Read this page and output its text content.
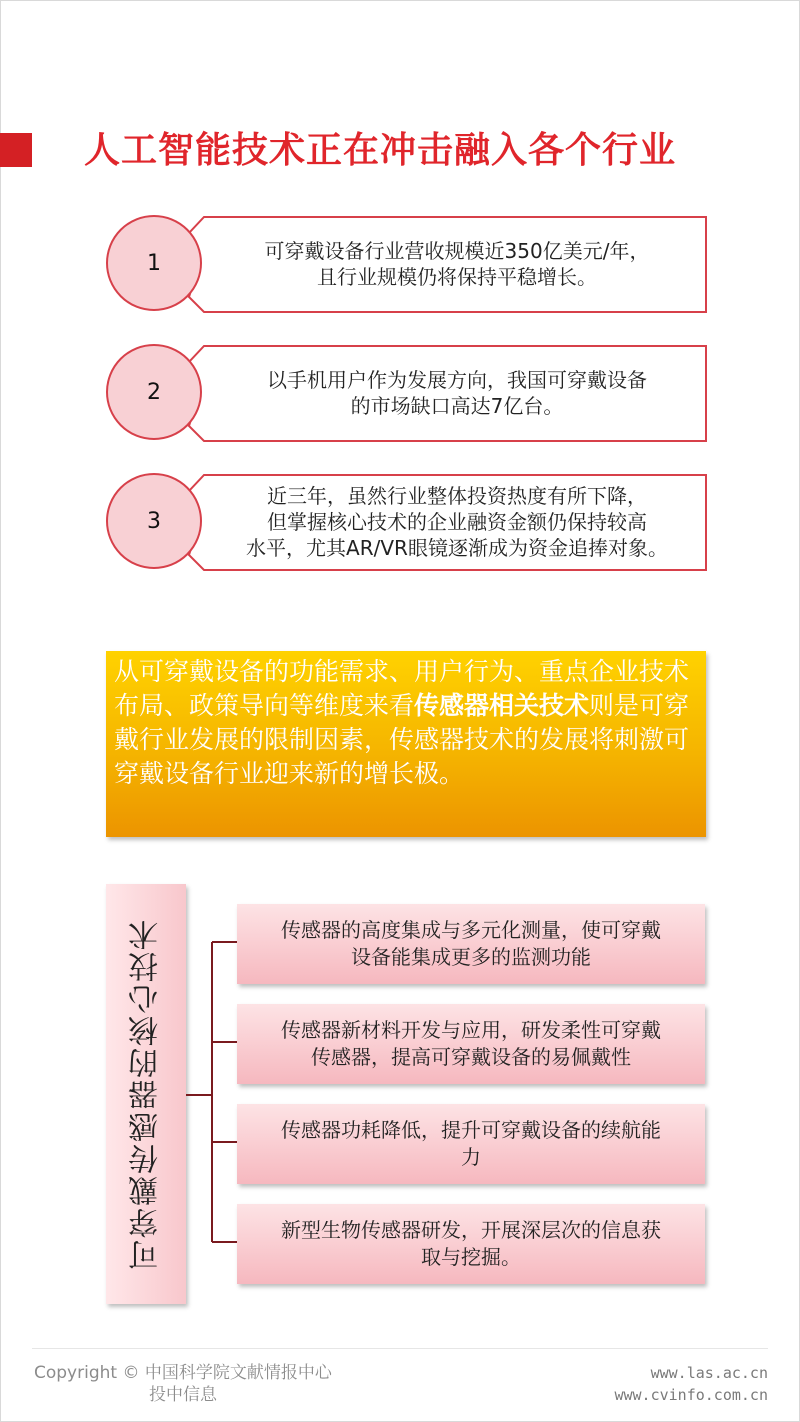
人工智能技术正在冲击融入各个行业
1	可穿戴设备行业营收规模近350亿美元/年，
且行业规模仍将保持平稳增长。
2	以手机用户作为发展方向，我国可穿戴设备
的市场缺口高达7亿台。
3
近三年，虽然行业整体投资热度有所下降，
但掌握核心技术的企业融资金额仍保持较高
水平，尤其AR/VR眼镜逐渐成为资金追捧对象。
从可穿戴设备的功能需求、用户行为、重点企业技术布局、政策导向等维度来看传感器相关技术则是可穿戴行业发展的限制因素，传感器技术的发展将刺激可穿戴设备行业迎来新的增长极。
可穿戴传感器的核心技术	传感器的高度集成与多元化测量，使可穿戴
设备能集成更多的监测功能
传感器新材料开发与应用，研发柔性可穿戴
传感器，提高可穿戴设备的易佩戴性
传感器功耗降低，提升可穿戴设备的续航能
力
新型生物传感器研发，开展深层次的信息获
取与挖掘。
Copyright © 中国科学院文献情报中心
投中信息
www.las.ac.cn
www.cvinfo.com.cn
